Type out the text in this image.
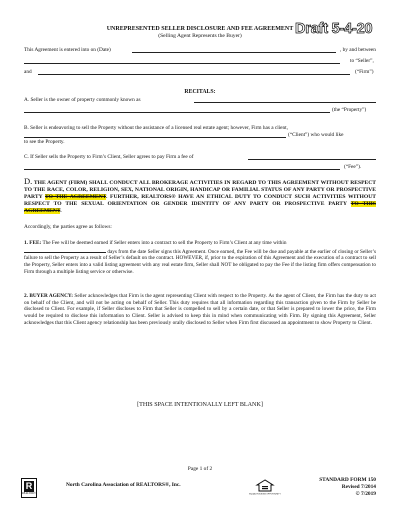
UNREPRESENTED SELLER DISCLOSURE AND FEE AGREEMENT
(Selling Agent Represents the Buyer)	Draft 5-4-20
This Agreement is entered into on (Date)	, by and between
to “Seller”,
and	(“Firm”)
RECITALS:
A. Seller is the owner of property commonly known as
(the “Property”)
B. Seller is endeavoring to sell the Property without the assistance of a licensed real estate agent; however, Firm has a client,
(“Client”) who would like
to see the Property.
C. If Seller sells the Property to Firm’s Client, Seller agrees to pay Firm a fee of
(“Fee”).
D. THE AGENT (FIRM) SHALL CONDUCT ALL BROKERAGE ACTIVITIES IN REGARD TO THIS AGREEMENT WITHOUT RESPECT TO THE RACE, COLOR, RELIGION, SEX, NATIONAL ORIGIN, HANDICAP OR FAMILIAL STATUS OF ANY PARTY OR PROSPECTIVE PARTY TO THE AGREEMENT. FURTHER, REALTORS® HAVE AN ETHICAL DUTY TO CONDUCT SUCH ACTIVITIES WITHOUT RESPECT TO THE SEXUAL ORIENTATION OR GENDER IDENTITY OF ANY PARTY OR PROSPECTIVE PARTY TO THIS AGREEMENT.
Accordingly, the parties agree as follows:
1. FEE: The Fee will be deemed earned if Seller enters into a contract to sell the Property to Firm’s Client at any time within
days from the date Seller signs this Agreement. Once earned, the Fee will be due and payable at the earlier of closing or Seller’s failure to sell the Property as a result of Seller’s default on the contract. HOWEVER, if, prior to the expiration of this Agreement and the execution of a contract to sell the Property, Seller enters into a valid listing agreement with any real estate firm, Seller shall NOT be obligated to pay the Fee if the listing firm offers compensation to Firm through a multiple listing service or otherwise.
2. BUYER AGENCY: Seller acknowledges that Firm is the agent representing Client with respect to the Property. As the agent of Client, the Firm has the duty to act on behalf of the Client, and will not be acting on behalf of Seller. This duty requires that all information regarding this transaction given to the Firm by Seller be disclosed to Client. For example, if Seller discloses to Firm that Seller is compelled to sell by a certain date, or that Seller is prepared to lower the price, the Firm would be required to disclose this information to Client. Seller is advised to keep this in mind when communicating with Firm. By signing this Agreement, Seller acknowledges that this Client agency relationship has been previously orally disclosed to Seller when Firm first discussed an appointment to show Property to Client.
[THIS SPACE INTENTIONALLY LEFT BLANK]
Page 1 of 2
R
REALTOR®
North Carolina Association of REALTORS®, Inc.
EQUAL HOUSING OPPORTUNITY
STANDARD FORM 150
Revised 7/2014
© 7/2019
